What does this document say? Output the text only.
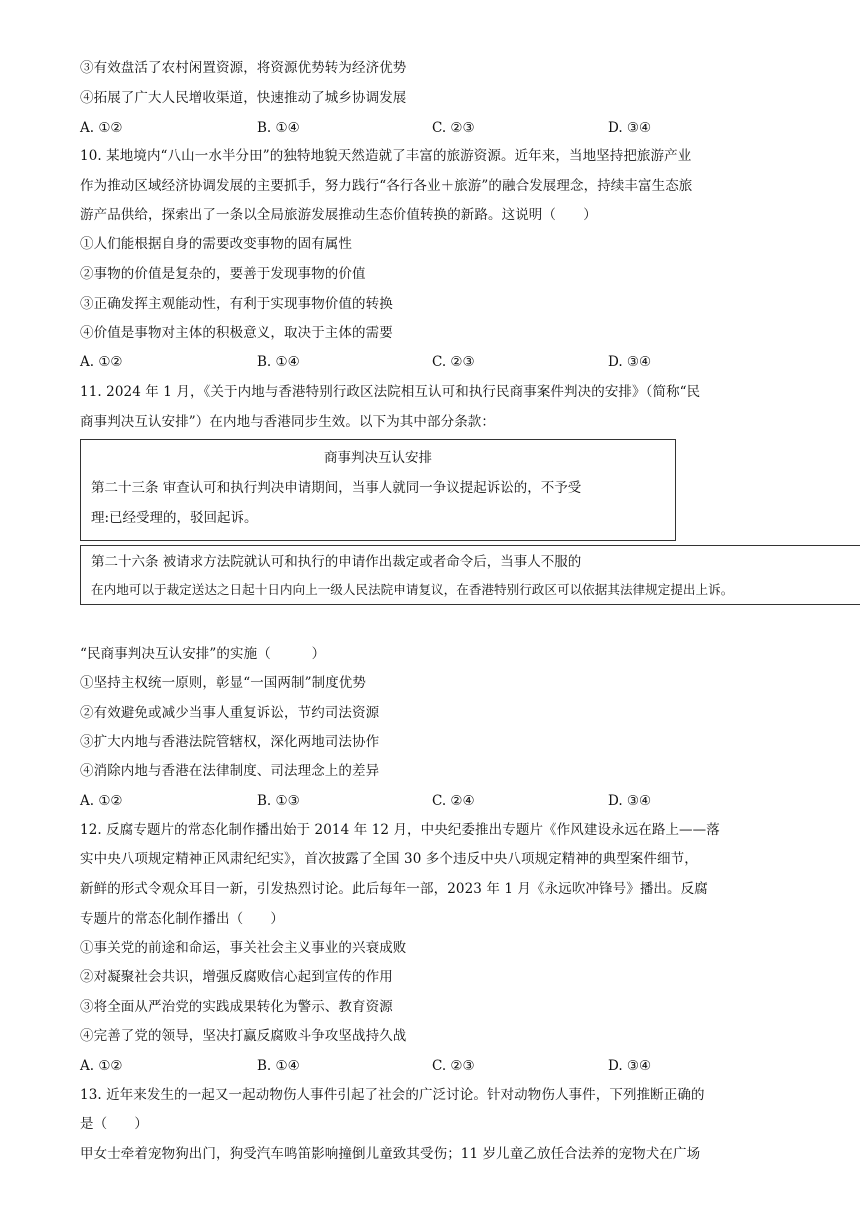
③有效盘活了农村闲置资源，将资源优势转为经济优势
④拓展了广大人民增收渠道，快速推动了城乡协调发展
A. ①②	B. ①④	C. ②③	D. ③④
10. 某地境内“八山一水半分田”的独特地貌天然造就了丰富的旅游资源。近年来，当地坚持把旅游产业
作为推动区域经济协调发展的主要抓手，努力践行“各行各业＋旅游”的融合发展理念，持续丰富生态旅
游产品供给，探索出了一条以全局旅游发展推动生态价值转换的新路。这说明（　　）
①人们能根据自身的需要改变事物的固有属性
②事物的价值是复杂的，要善于发现事物的价值
③正确发挥主观能动性，有利于实现事物价值的转换
④价值是事物对主体的积极意义，取决于主体的需要
A. ①②	B. ①④	C. ②③	D. ③④
11. 2024 年 1 月，《关于内地与香港特别行政区法院相互认可和执行民商事案件判决的安排》（简称“民
商事判决互认安排”）在内地与香港同步生效。以下为其中部分条款：
商事判决互认安排
第二十三条 审查认可和执行判决申请期间，当事人就同一争议提起诉讼的，不予受
理:已经受理的，驳回起诉。
第二十六条 被请求方法院就认可和执行的申请作出裁定或者命令后，当事人不服的
在内地可以于裁定送达之日起十日内向上一级人民法院申请复议，在香港特别行政区可以依据其法律规定提出上诉。
“民商事判决互认安排”的实施（　　　）
①坚持主权统一原则，彰显“一国两制”制度优势
②有效避免或减少当事人重复诉讼，节约司法资源
③扩大内地与香港法院管辖权，深化两地司法协作
④消除内地与香港在法律制度、司法理念上的差异
A. ①②	B. ①③	C. ②④	D. ③④
12. 反腐专题片的常态化制作播出始于 2014 年 12 月，中央纪委推出专题片《作风建设永远在路上——落
实中央八项规定精神正风肃纪纪实》，首次披露了全国 30 多个违反中央八项规定精神的典型案件细节，
新鲜的形式令观众耳目一新，引发热烈讨论。此后每年一部，2023 年 1 月《永远吹冲锋号》播出。反腐
专题片的常态化制作播出（　　）
①事关党的前途和命运，事关社会主义事业的兴衰成败
②对凝聚社会共识，增强反腐败信心起到宣传的作用
③将全面从严治党的实践成果转化为警示、教育资源
④完善了党的领导，坚决打赢反腐败斗争攻坚战持久战
A. ①②	B. ①④	C. ②③	D. ③④
13. 近年来发生的一起又一起动物伤人事件引起了社会的广泛讨论。针对动物伤人事件，下列推断正确的
是（　　）
甲女士牵着宠物狗出门，狗受汽车鸣笛影响撞倒儿童致其受伤；11 岁儿童乙放任合法养的宠物犬在广场
